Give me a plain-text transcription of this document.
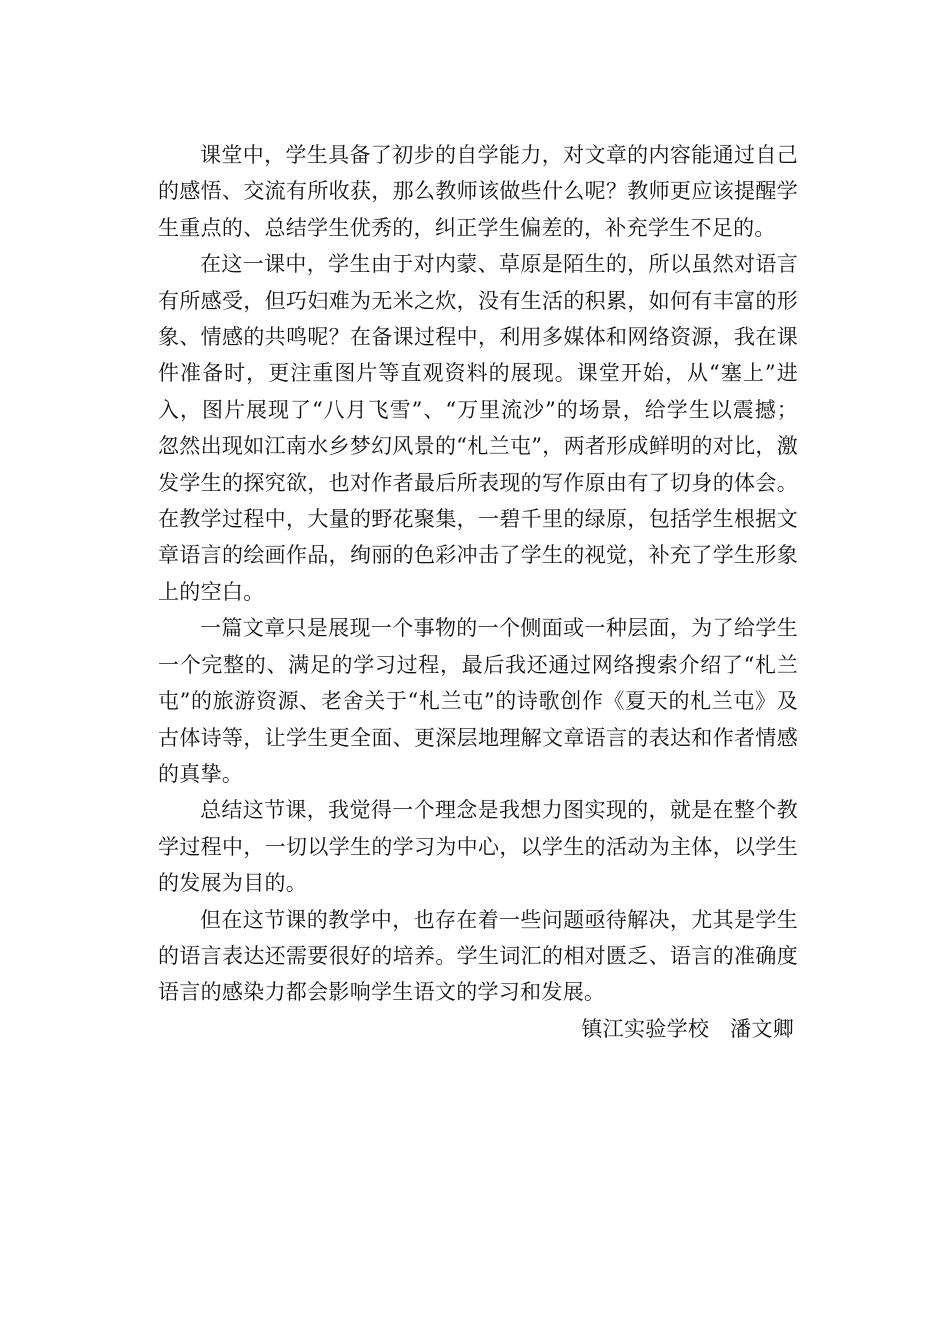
课堂中，学生具备了初步的自学能力，对文章的内容能通过自己的感悟、交流有所收获，那么教师该做些什么呢？教师更应该提醒学生重点的、总结学生优秀的，纠正学生偏差的，补充学生不足的。

在这一课中，学生由于对内蒙、草原是陌生的，所以虽然对语言有所感受，但巧妇难为无米之炊，没有生活的积累，如何有丰富的形象、情感的共鸣呢？在备课过程中，利用多媒体和网络资源，我在课件准备时，更注重图片等直观资料的展现。课堂开始，从“塞上”进入，图片展现了“八月飞雪”、“万里流沙”的场景，给学生以震撼；忽然出现如江南水乡梦幻风景的“札兰屯”，两者形成鲜明的对比，激发学生的探究欲，也对作者最后所表现的写作原由有了切身的体会。在教学过程中，大量的野花聚集，一碧千里的绿原，包括学生根据文章语言的绘画作品，绚丽的色彩冲击了学生的视觉，补充了学生形象上的空白。

一篇文章只是展现一个事物的一个侧面或一种层面，为了给学生一个完整的、满足的学习过程，最后我还通过网络搜索介绍了“札兰屯”的旅游资源、老舍关于“札兰屯”的诗歌创作《夏天的札兰屯》及古体诗等，让学生更全面、更深层地理解文章语言的表达和作者情感的真挚。

总结这节课，我觉得一个理念是我想力图实现的，就是在整个教学过程中，一切以学生的学习为中心，以学生的活动为主体，以学生的发展为目的。

但在这节课的教学中，也存在着一些问题亟待解决，尤其是学生的语言表达还需要很好的培养。学生词汇的相对匮乏、语言的准确度语言的感染力都会影响学生语文的学习和发展。

镇江实验学校   潘文卿
